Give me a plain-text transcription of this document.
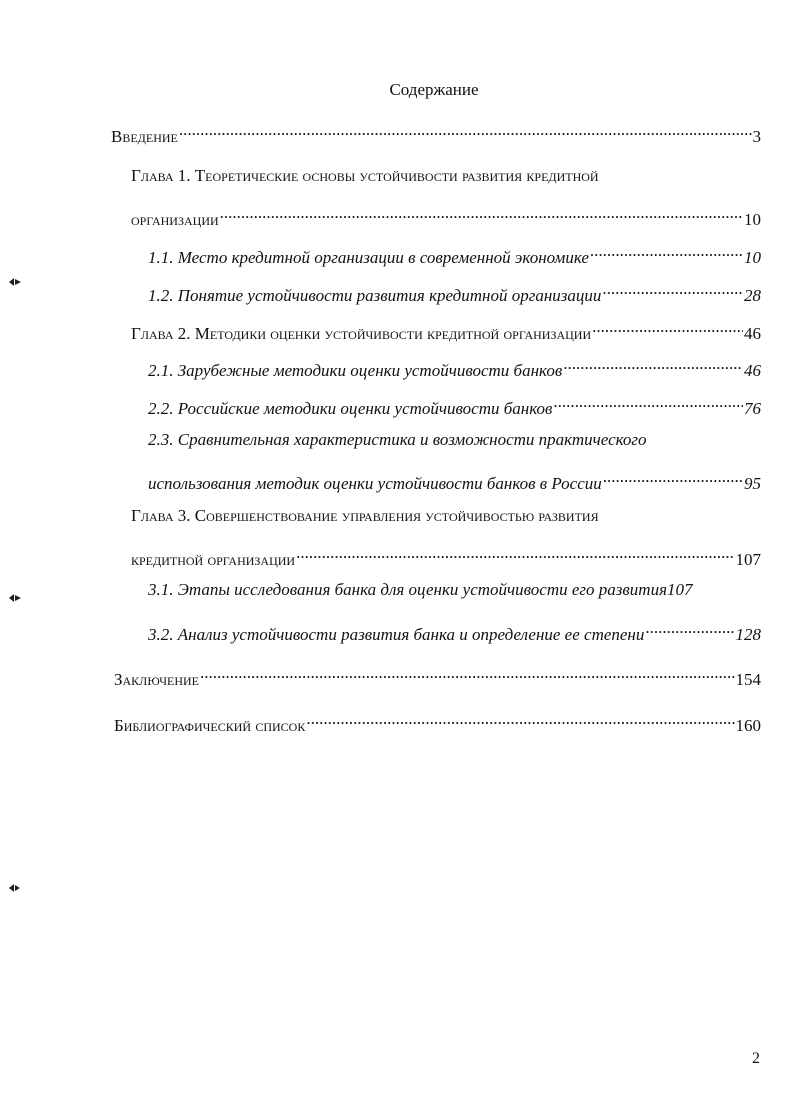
Содержание
Введение .....	3
Глава 1. Теоретические основы устойчивости развития кредитной
организации .....	10
1.1. Место кредитной организации в современной экономике .....	10
1.2. Понятие устойчивости развития кредитной организации .....	28
Глава 2. Методики оценки устойчивости кредитной организации .....	46
2.1. Зарубежные методики оценки устойчивости банков .....	46
2.2. Российские методики оценки устойчивости банков .....	76
2.3. Сравнительная характеристика и возможности практического
использования методик оценки устойчивости банков в России .....	95
Глава 3. Совершенствование управления устойчивостью развития
кредитной организации .....	107
3.1. Этапы исследования банка для оценки устойчивости его развития 107
3.2. Анализ устойчивости развития банка и определение ее степени .....	128
Заключение .....	154
Библиографический список .....	160
2
